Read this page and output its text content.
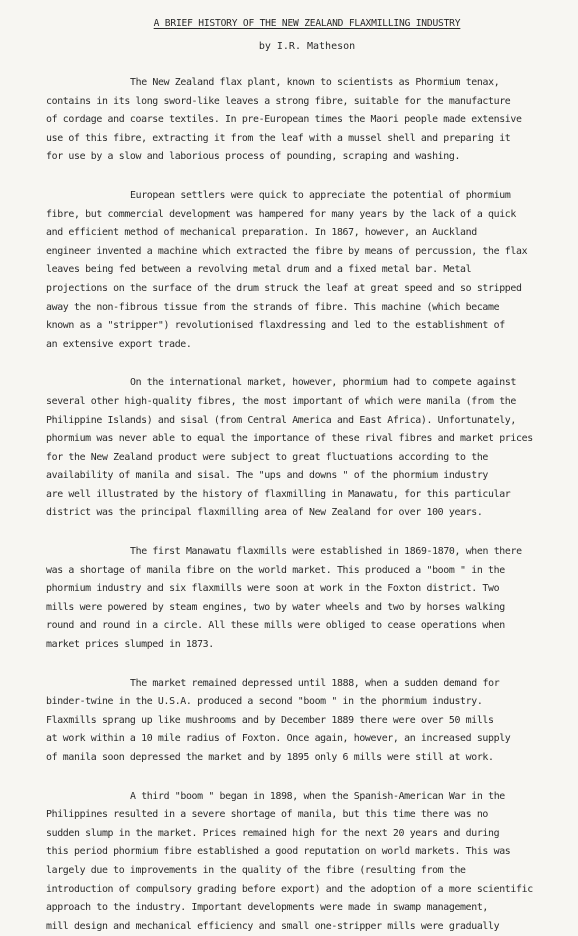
A BRIEF HISTORY OF THE NEW ZEALAND FLAXMILLING INDUSTRY
by I.R. Matheson
The New Zealand flax plant, known to scientists as Phormium tenax,
contains in its long sword-like leaves a strong fibre, suitable for the manufacture
of cordage and coarse textiles. In pre-European times the Maori people made extensive
use of this fibre, extracting it from the leaf with a mussel shell and preparing it
for use by a slow and laborious process of pounding, scraping and washing.
European settlers were quick to appreciate the potential of phormium
fibre, but commercial development was hampered for many years by the lack of a quick
and efficient method of mechanical preparation. In 1867, however, an Auckland
engineer invented a machine which extracted the fibre by means of percussion, the flax
leaves being fed between a revolving metal drum and a fixed metal bar. Metal
projections on the surface of the drum struck the leaf at great speed and so stripped
away the non-fibrous tissue from the strands of fibre. This machine (which became
known as a "stripper") revolutionised flaxdressing and led to the establishment of
an extensive export trade.
On the international market, however, phormium had to compete against
several other high-quality fibres, the most important of which were manila (from the
Philippine Islands) and sisal (from Central America and East Africa). Unfortunately,
phormium was never able to equal the importance of these rival fibres and market prices
for the New Zealand product were subject to great fluctuations according to the
availability of manila and sisal. The "ups and downs " of the phormium industry
are well illustrated by the history of flaxmilling in Manawatu, for this particular
district was the principal flaxmilling area of New Zealand for over 100 years.
The first Manawatu flaxmills were established in 1869-1870, when there
was a shortage of manila fibre on the world market. This produced a "boom " in the
phormium industry and six flaxmills were soon at work in the Foxton district. Two
mills were powered by steam engines, two by water wheels and two by horses walking
round and round in a circle. All these mills were obliged to cease operations when
market prices slumped in 1873.
The market remained depressed until 1888, when a sudden demand for
binder-twine in the U.S.A. produced a second "boom " in the phormium industry.
Flaxmills sprang up like mushrooms and by December 1889 there were over 50 mills
at work within a 10 mile radius of Foxton. Once again, however, an increased supply
of manila soon depressed the market and by 1895 only 6 mills were still at work.
A third "boom " began in 1898, when the Spanish-American War in the
Philippines resulted in a severe shortage of manila, but this time there was no
sudden slump in the market. Prices remained high for the next 20 years and during
this period phormium fibre established a good reputation on world markets. This was
largely due to improvements in the quality of the fibre (resulting from the
introduction of compulsory grading before export) and the adoption of a more scientific
approach to the industry. Important developments were made in swamp management,
mill design and mechanical efficiency and small one-stripper mills were gradually
